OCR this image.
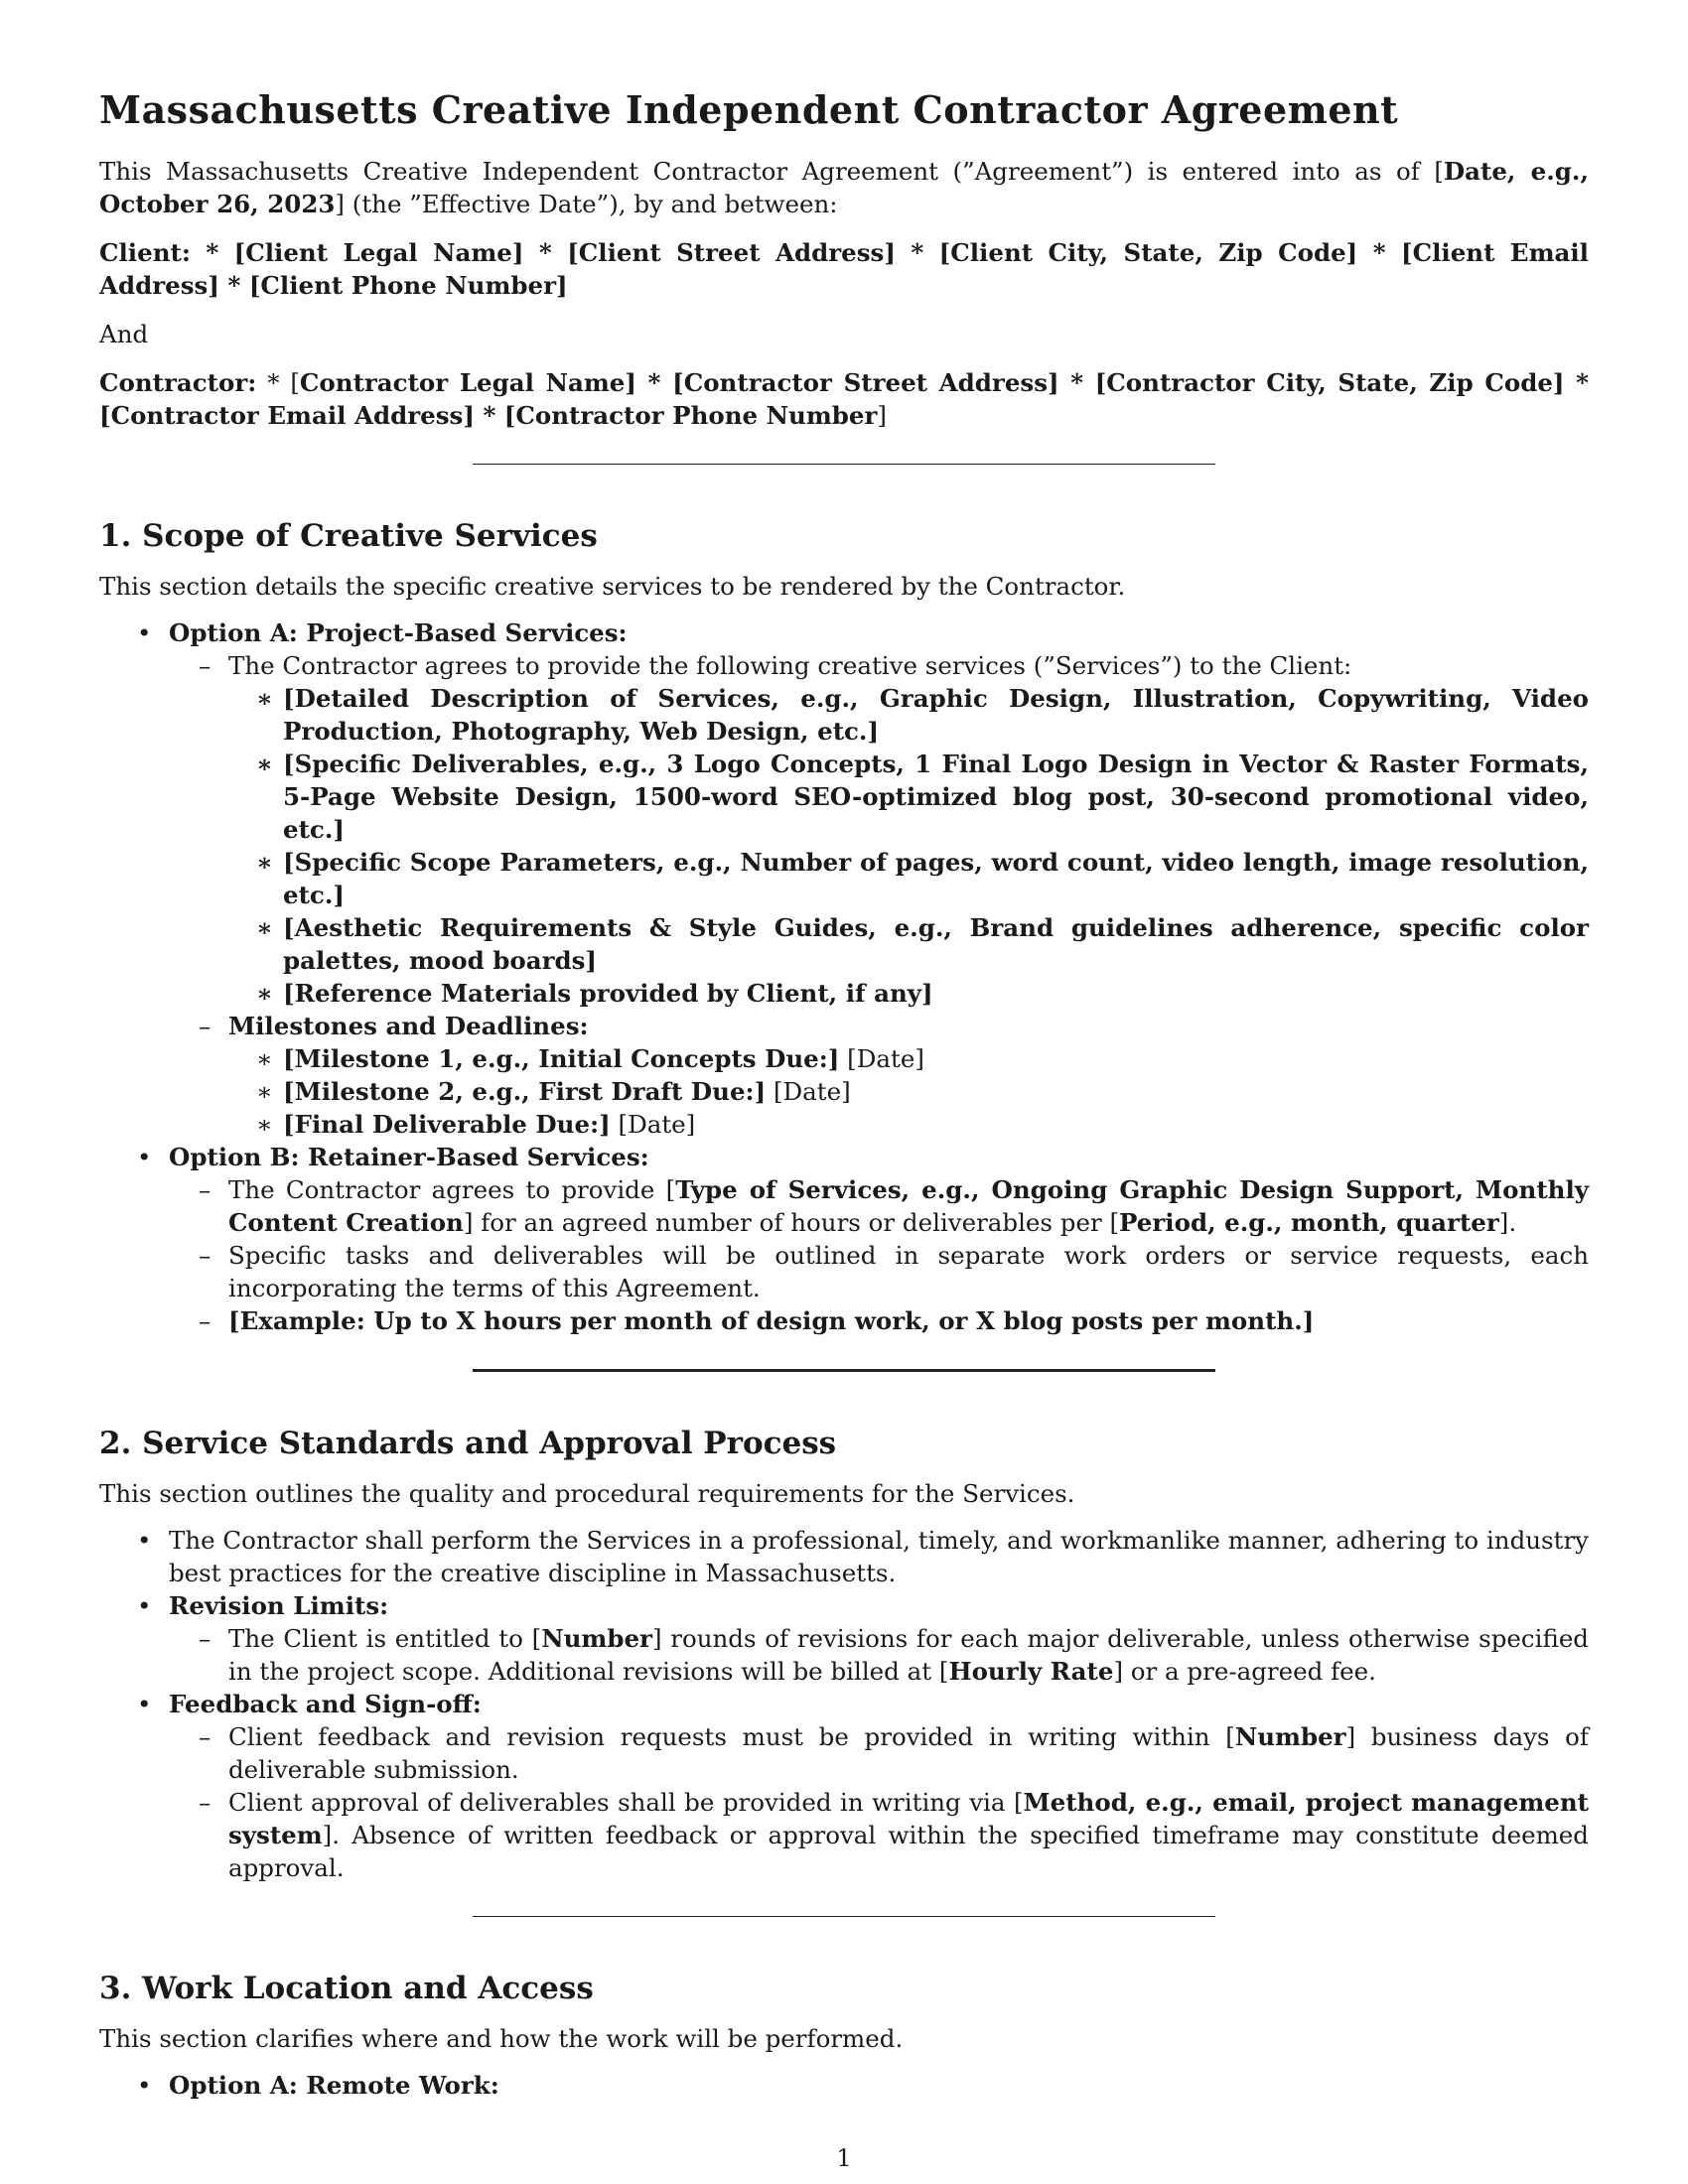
Massachusetts Creative Independent Contractor Agreement

This Massachusetts Creative Independent Contractor Agreement (”Agreement”) is entered into as of [Date, e.g., October 26, 2023] (the ”Effective Date”), by and between:

Client: * [Client Legal Name] * [Client Street Address] * [Client City, State, Zip Code] * [Client Email Address] * [Client Phone Number]

And

Contractor: * [Contractor Legal Name] * [Contractor Street Address] * [Contractor City, State, Zip Code] * [Contractor Email Address] * [Contractor Phone Number]

1. Scope of Creative Services

This section details the specific creative services to be rendered by the Contractor.

• Option A: Project-Based Services:
– The Contractor agrees to provide the following creative services (”Services”) to the Client:
∗ [Detailed Description of Services, e.g., Graphic Design, Illustration, Copywriting, Video Production, Photography, Web Design, etc.]
∗ [Specific Deliverables, e.g., 3 Logo Concepts, 1 Final Logo Design in Vector & Raster Formats, 5-Page Website Design, 1500-word SEO-optimized blog post, 30-second promotional video, etc.]
∗ [Specific Scope Parameters, e.g., Number of pages, word count, video length, image resolution, etc.]
∗ [Aesthetic Requirements & Style Guides, e.g., Brand guidelines adherence, specific color palettes, mood boards]
∗ [Reference Materials provided by Client, if any]
– Milestones and Deadlines:
∗ [Milestone 1, e.g., Initial Concepts Due:] [Date]
∗ [Milestone 2, e.g., First Draft Due:] [Date]
∗ [Final Deliverable Due:] [Date]
• Option B: Retainer-Based Services:
– The Contractor agrees to provide [Type of Services, e.g., Ongoing Graphic Design Support, Monthly Content Creation] for an agreed number of hours or deliverables per [Period, e.g., month, quarter].
– Specific tasks and deliverables will be outlined in separate work orders or service requests, each incorporating the terms of this Agreement.
– [Example: Up to X hours per month of design work, or X blog posts per month.]
2. Service Standards and Approval Process

This section outlines the quality and procedural requirements for the Services.

• The Contractor shall perform the Services in a professional, timely, and workmanlike manner, adhering to industry best practices for the creative discipline in Massachusetts.
• Revision Limits:
– The Client is entitled to [Number] rounds of revisions for each major deliverable, unless otherwise specified in the project scope. Additional revisions will be billed at [Hourly Rate] or a pre-agreed fee.
• Feedback and Sign-off:
– Client feedback and revision requests must be provided in writing within [Number] business days of deliverable submission.
– Client approval of deliverables shall be provided in writing via [Method, e.g., email, project management system]. Absence of written feedback or approval within the specified timeframe may constitute deemed approval.
3. Work Location and Access

This section clarifies where and how the work will be performed.

• Option A: Remote Work:
1
